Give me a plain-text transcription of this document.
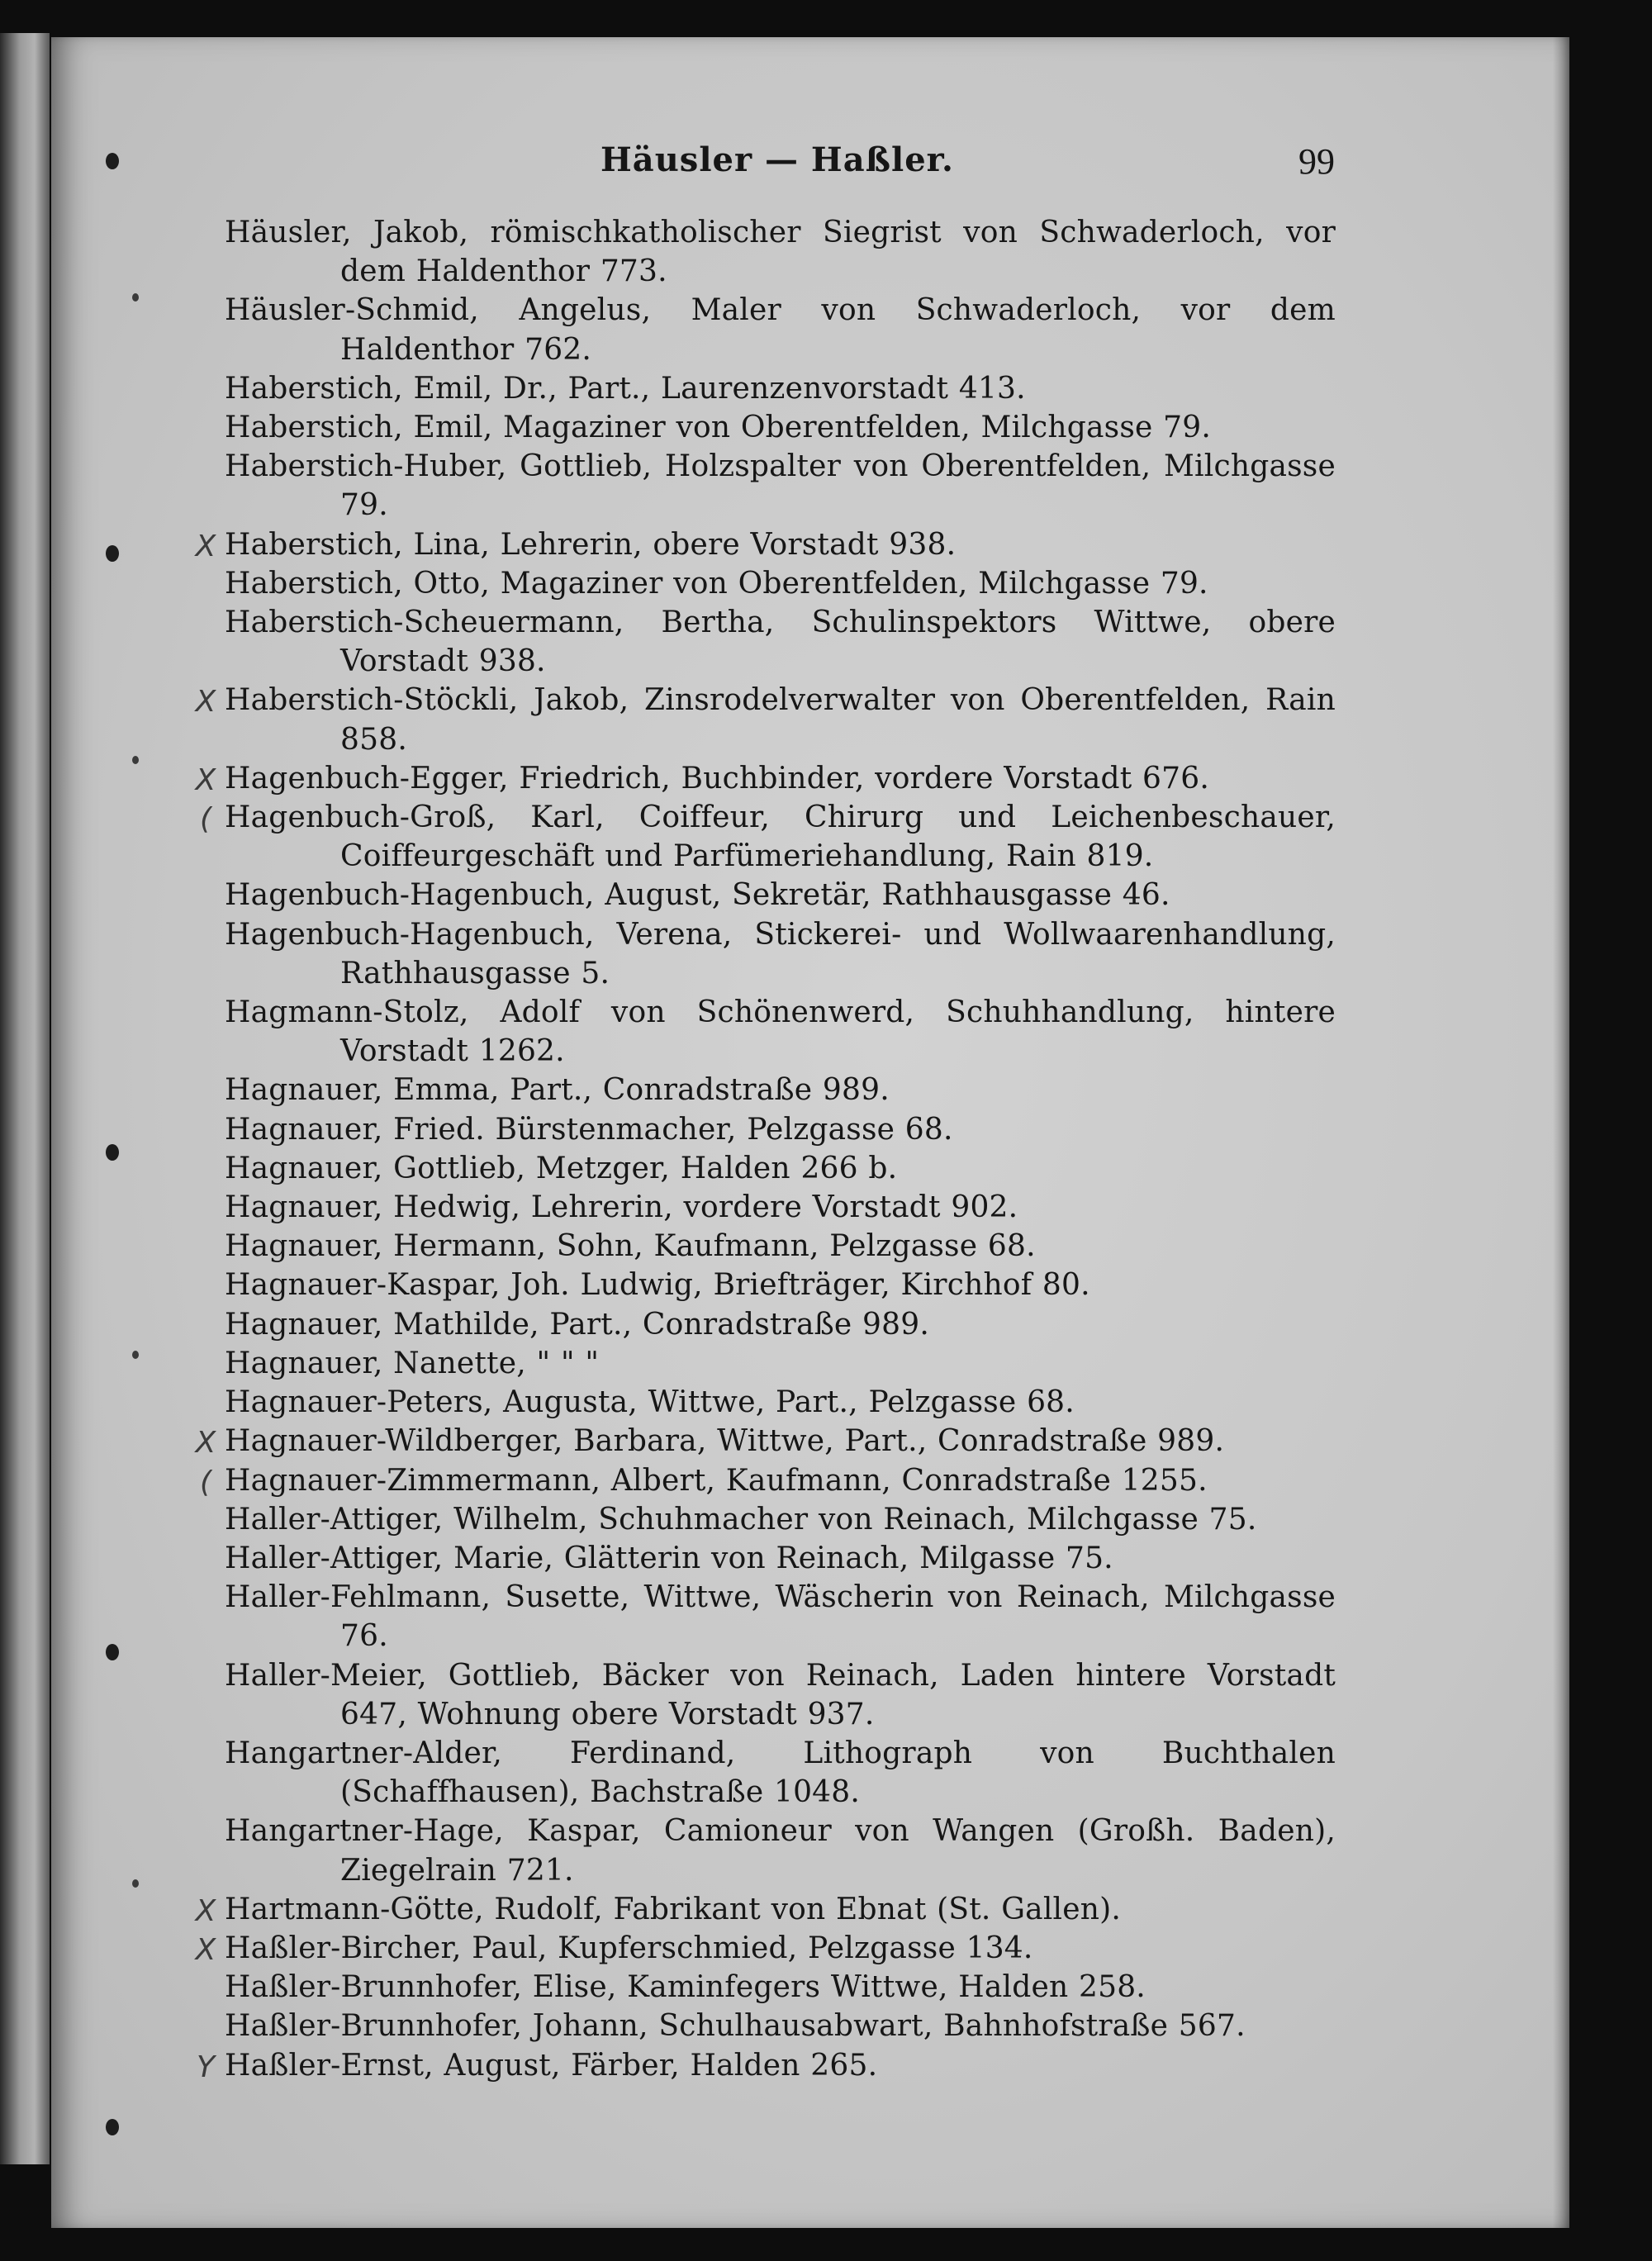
Häusler — Haßler.	99
Häusler, Jakob, römischkatholischer Siegrist von Schwaderloch, vor dem Haldenthor 773.
Häusler-Schmid, Angelus, Maler von Schwaderloch, vor dem Haldenthor 762.
Haberstich, Emil, Dr., Part., Laurenzenvorstadt 413.
Haberstich, Emil, Magaziner von Oberentfelden, Milchgasse 79.
Haberstich-Huber, Gottlieb, Holzspalter von Oberentfelden, Milchgasse 79.
X Haberstich, Lina, Lehrerin, obere Vorstadt 938.
Haberstich, Otto, Magaziner von Oberentfelden, Milchgasse 79.
Haberstich-Scheuermann, Bertha, Schulinspektors Wittwe, obere Vorstadt 938.
X Haberstich-Stöckli, Jakob, Zinsrodelverwalter von Oberentfelden, Rain 858.
X Hagenbuch-Egger, Friedrich, Buchbinder, vordere Vorstadt 676.
( Hagenbuch-Groß, Karl, Coiffeur, Chirurg und Leichenbeschauer, Coiffeurgeschäft und Parfümeriehandlung, Rain 819.
Hagenbuch-Hagenbuch, August, Sekretär, Rathhausgasse 46.
Hagenbuch-Hagenbuch, Verena, Stickerei- und Wollwaarenhandlung, Rathhausgasse 5.
Hagmann-Stolz, Adolf von Schönenwerd, Schuhhandlung, hintere Vorstadt 1262.
Hagnauer, Emma, Part., Conradstraße 989.
Hagnauer, Fried. Bürstenmacher, Pelzgasse 68.
Hagnauer, Gottlieb, Metzger, Halden 266 b.
Hagnauer, Hedwig, Lehrerin, vordere Vorstadt 902.
Hagnauer, Hermann, Sohn, Kaufmann, Pelzgasse 68.
Hagnauer-Kaspar, Joh. Ludwig, Briefträger, Kirchhof 80.
Hagnauer, Mathilde, Part., Conradstraße 989.
Hagnauer, Nanette, " " "
Hagnauer-Peters, Augusta, Wittwe, Part., Pelzgasse 68.
X Hagnauer-Wildberger, Barbara, Wittwe, Part., Conradstraße 989.
( Hagnauer-Zimmermann, Albert, Kaufmann, Conradstraße 1255.
Haller-Attiger, Wilhelm, Schuhmacher von Reinach, Milchgasse 75.
Haller-Attiger, Marie, Glätterin von Reinach, Milgasse 75.
Haller-Fehlmann, Susette, Wittwe, Wäscherin von Reinach, Milchgasse 76.
Haller-Meier, Gottlieb, Bäcker von Reinach, Laden hintere Vorstadt 647, Wohnung obere Vorstadt 937.
Hangartner-Alder, Ferdinand, Lithograph von Buchthalen (Schaffhausen), Bachstraße 1048.
Hangartner-Hage, Kaspar, Camioneur von Wangen (Großh. Baden), Ziegelrain 721.
X Hartmann-Götte, Rudolf, Fabrikant von Ebnat (St. Gallen).
X Haßler-Bircher, Paul, Kupferschmied, Pelzgasse 134.
Haßler-Brunnhofer, Elise, Kaminfegers Wittwe, Halden 258.
Haßler-Brunnhofer, Johann, Schulhausabwart, Bahnhofstraße 567.
Y Haßler-Ernst, August, Färber, Halden 265.
